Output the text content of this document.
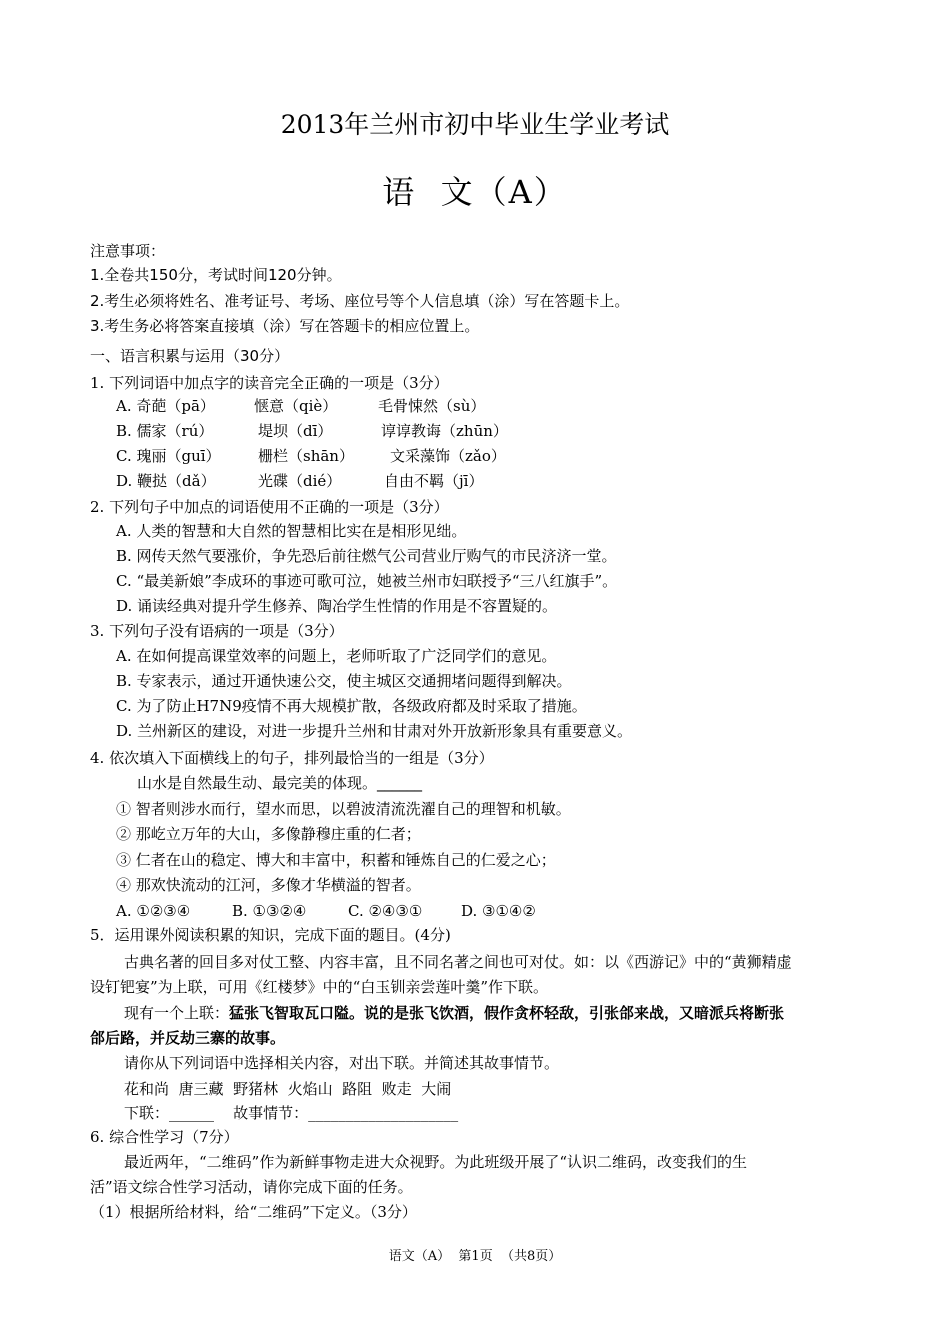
2013年兰州市初中毕业生学业考试
语  文（A）
注意事项：
1.全卷共150分，考试时间120分钟。
2.考生必须将姓名、准考证号、考场、座位号等个人信息填（涂）写在答题卡上。
3.考生务必将答案直接填（涂）写在答题卡的相应位置上。
一、语言积累与运用（30分）
1. 下列词语中加点字的读音完全正确的一项是（3分）
A. 奇葩（pā）	惬意（qiè）	毛骨悚然（sù）
B. 儒家（rú）	堤坝（dī）	谆谆教诲（zhūn）
C. 瑰丽（guī） 栅栏（shān） 文采藻饰（zǎo）
D. 鞭挞（dǎ）	光碟（dié）	自由不羁（jī）
2. 下列句子中加点的词语使用不正确的一项是（3分）
A. 人类的智慧和大自然的智慧相比实在是相形见绌。
B. 网传天然气要涨价，争先恐后前往燃气公司营业厅购气的市民济济一堂。
C. “最美新娘”李成环的事迹可歌可泣，她被兰州市妇联授予“三八红旗手”。
D. 诵读经典对提升学生修养、陶冶学生性情的作用是不容置疑的。
3. 下列句子没有语病的一项是（3分）
A. 在如何提高课堂效率的问题上，老师听取了广泛同学们的意见。
B. 专家表示，通过开通快速公交，使主城区交通拥堵问题得到解决。
C. 为了防止H7N9疫情不再大规模扩散，各级政府都及时采取了措施。
D. 兰州新区的建设，对进一步提升兰州和甘肃对外开放新形象具有重要意义。
4. 依次填入下面横线上的句子，排列最恰当的一组是（3分）
山水是自然最生动、最完美的体现。______
① 智者则涉水而行，望水而思，以碧波清流洗濯自己的理智和机敏。
② 那屹立万年的大山，多像静穆庄重的仁者；
③ 仁者在山的稳定、博大和丰富中，积蓄和锤炼自己的仁爱之心；
④ 那欢快流动的江河，多像才华横溢的智者。
A. ①②③④	B. ①③②④	C. ②④③①	D. ③①④②
5．运用课外阅读积累的知识，完成下面的题目。(4分)
古典名著的回目多对仗工整、内容丰富，且不同名著之间也可对仗。如：以《西游记》中的“黄狮精虚
设钉钯宴”为上联，可用《红楼梦》中的“白玉钏亲尝莲叶羹”作下联。
现有一个上联：猛张飞智取瓦口隘。说的是张飞饮酒，假作贪杯轻敌，引张郃来战，又暗派兵将断张
郃后路，并反劫三寨的故事。
请你从下列词语中选择相关内容，对出下联。并简述其故事情节。
花和尚  唐三藏  野猪林  火焰山  路阻  败走  大闹
下联：______    故事情节：____________________
6. 综合性学习（7分）
最近两年，“二维码”作为新鲜事物走进大众视野。为此班级开展了“认识二维码，改变我们的生
活”语文综合性学习活动，请你完成下面的任务。
（1）根据所给材料，给“二维码”下定义。（3分）
语文（A）  第1页  （共8页）
